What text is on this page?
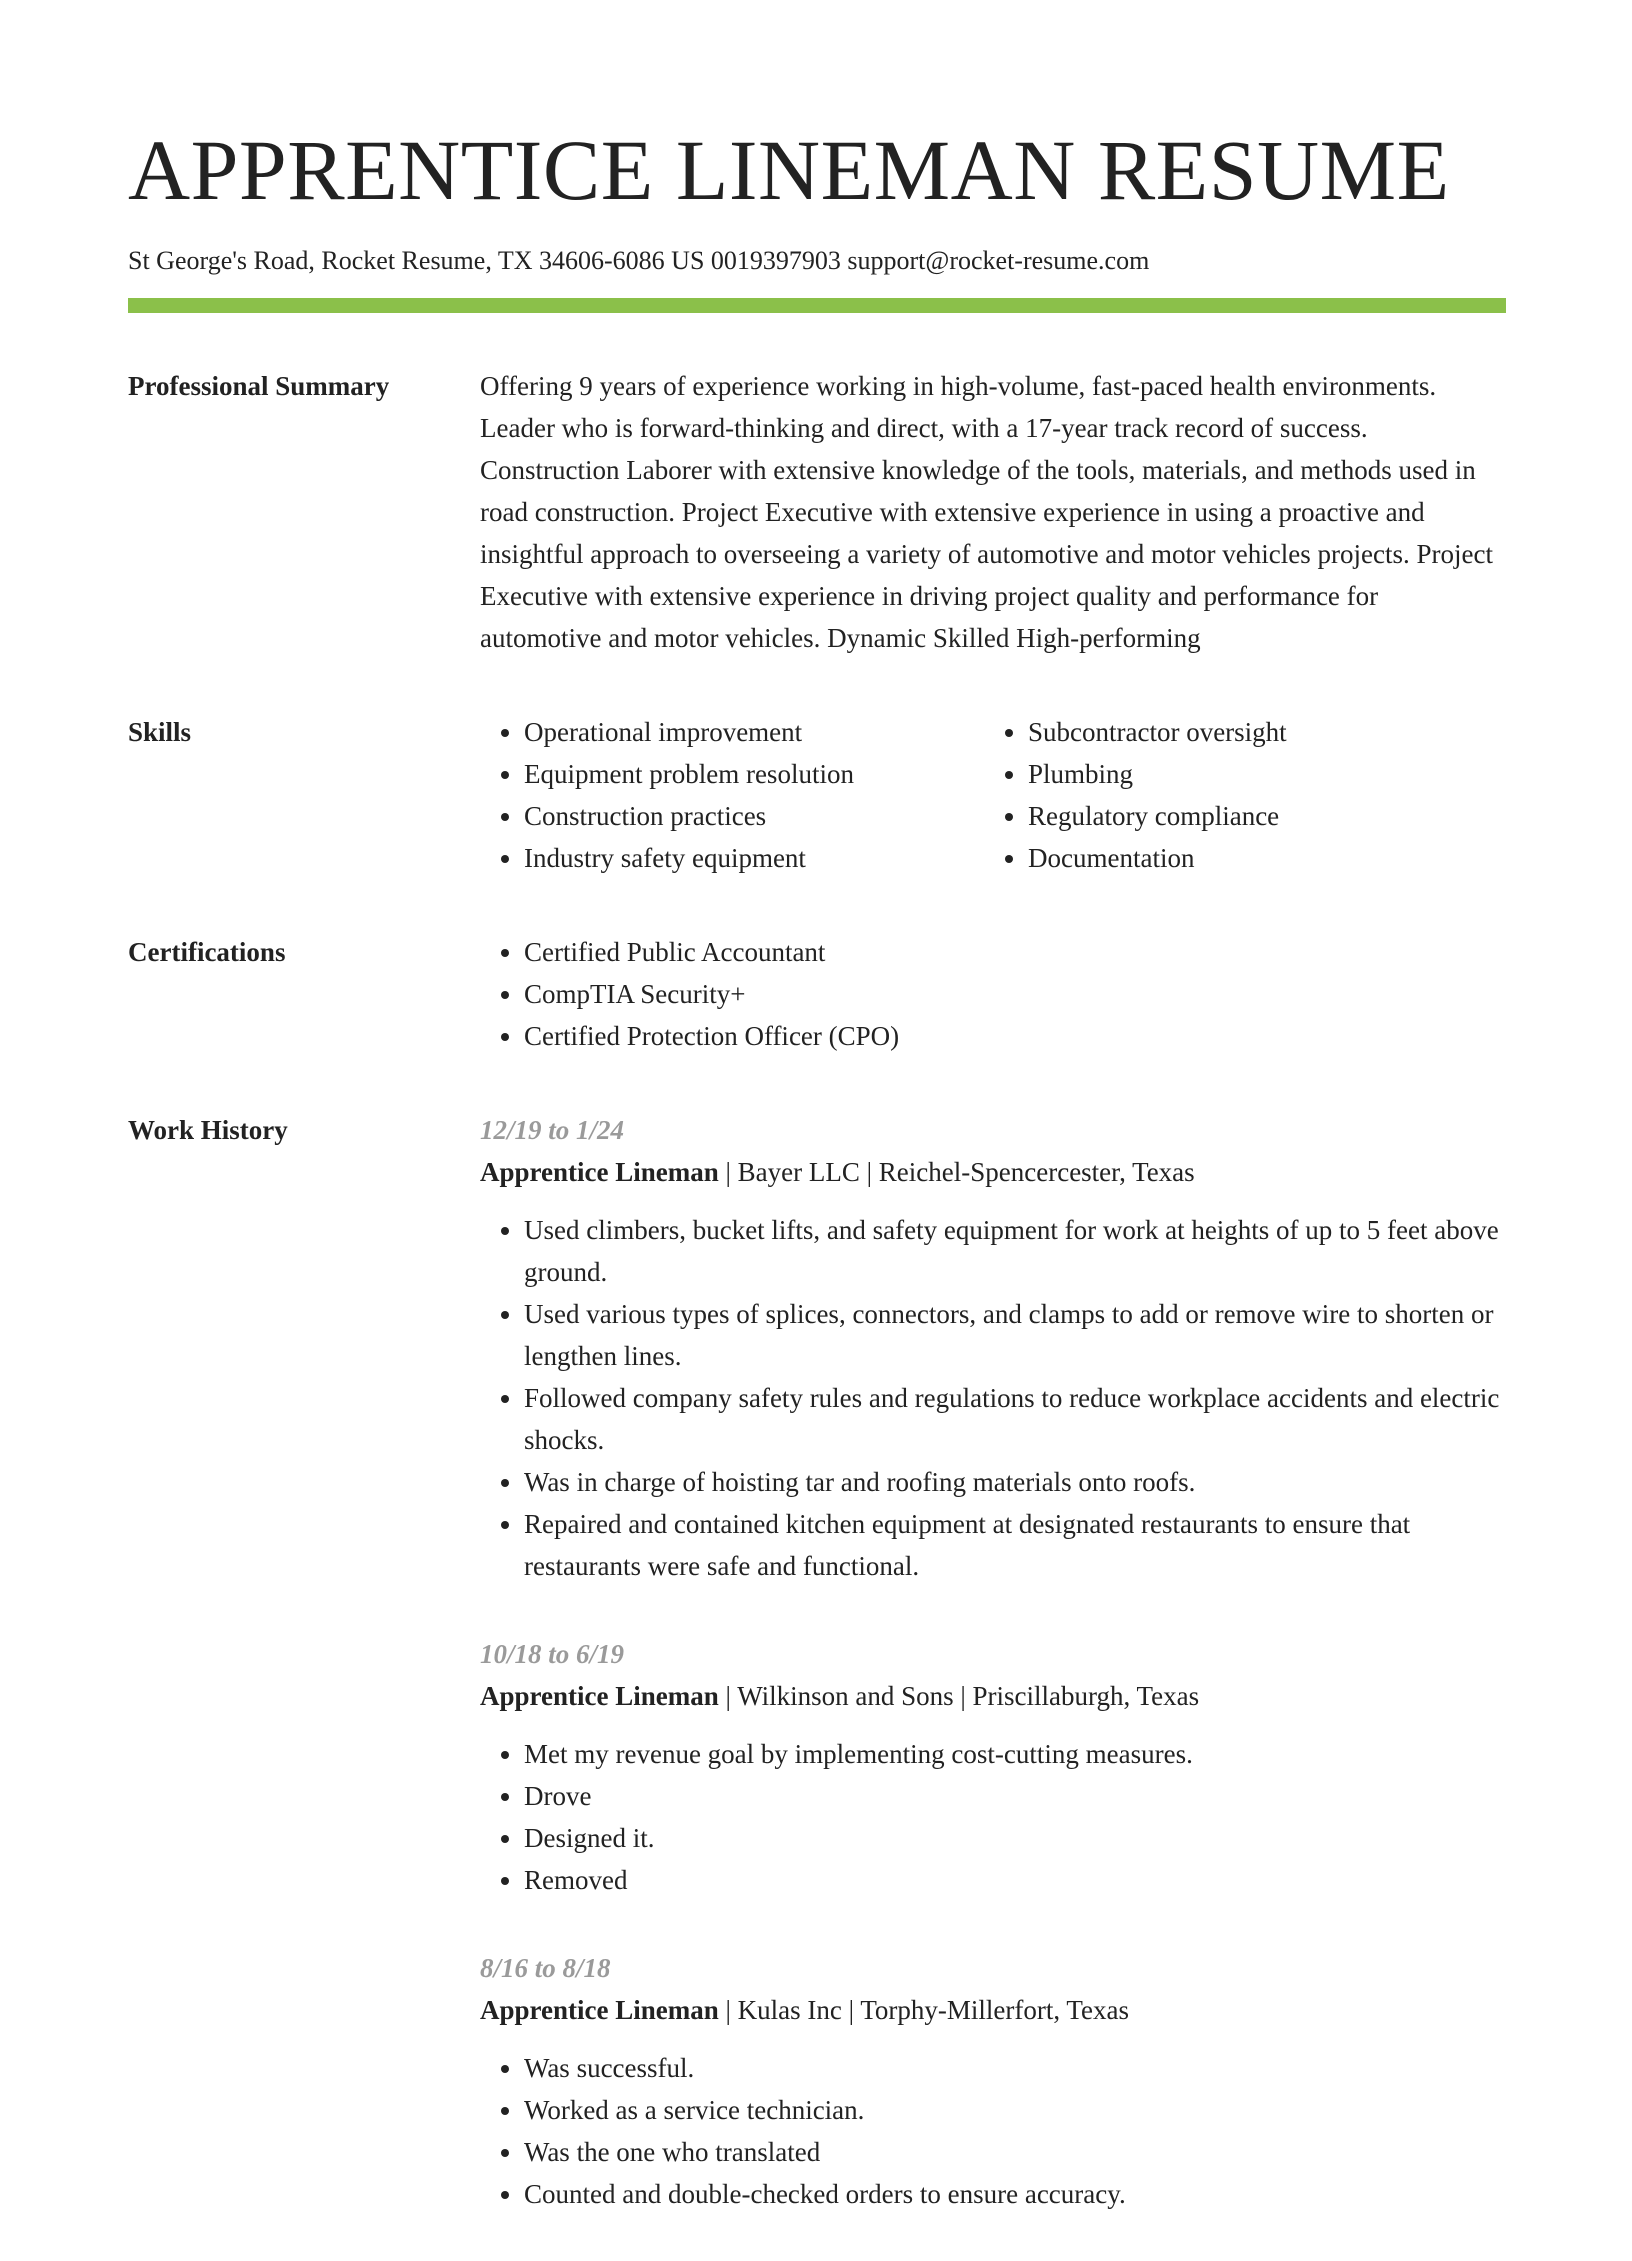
APPRENTICE LINEMAN RESUME
St George's Road, Rocket Resume, TX 34606-6086 US 0019397903 support@rocket-resume.com
Professional Summary	Offering 9 years of experience working in high-volume, fast-paced health environments. Leader who is forward-thinking and direct, with a 17-year track record of success. Construction Laborer with extensive knowledge of the tools, materials, and methods used in road construction. Project Executive with extensive experience in using a proactive and insightful approach to overseeing a variety of automotive and motor vehicles projects. Project Executive with extensive experience in driving project quality and performance for automotive and motor vehicles. Dynamic Skilled High-performing

Skills	• Operational improvement
• Equipment problem resolution
• Construction practices
• Industry safety equipment
• Subcontractor oversight
• Plumbing
• Regulatory compliance
• Documentation
Certifications	• Certified Public Accountant
• CompTIA Security+
• Certified Protection Officer (CPO)
Work History	12/19 to 1/24
Apprentice Lineman | Bayer LLC | Reichel-Spencercester, Texas
• Used climbers, bucket lifts, and safety equipment for work at heights of up to 5 feet above ground.
• Used various types of splices, connectors, and clamps to add or remove wire to shorten or lengthen lines.
• Followed company safety rules and regulations to reduce workplace accidents and electric shocks.
• Was in charge of hoisting tar and roofing materials onto roofs.
• Repaired and contained kitchen equipment at designated restaurants to ensure that restaurants were safe and functional.
10/18 to 6/19
Apprentice Lineman | Wilkinson and Sons | Priscillaburgh, Texas
• Met my revenue goal by implementing cost-cutting measures.
• Drove
• Designed it.
• Removed
8/16 to 8/18
Apprentice Lineman | Kulas Inc | Torphy-Millerfort, Texas
• Was successful.
• Worked as a service technician.
• Was the one who translated
• Counted and double-checked orders to ensure accuracy.
